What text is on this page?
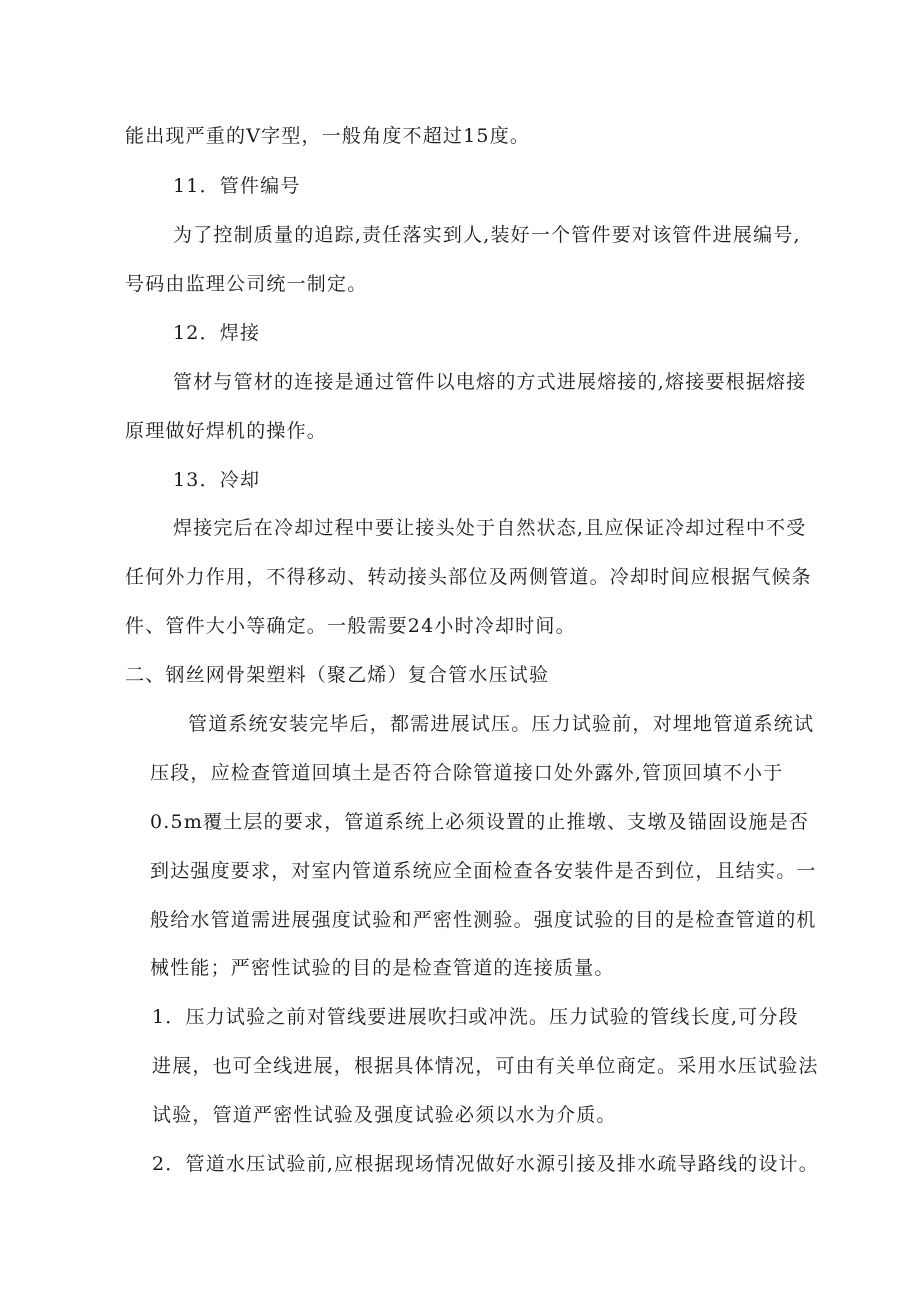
能出现严重的V字型，一般角度不超过15度。
11．管件编号
为了控制质量的追踪,责任落实到人,装好一个管件要对该管件进展编号,
号码由监理公司统一制定。
12．焊接
管材与管材的连接是通过管件以电熔的方式进展熔接的,熔接要根据熔接
原理做好焊机的操作。
13．冷却
焊接完后在冷却过程中要让接头处于自然状态,且应保证冷却过程中不受
任何外力作用，不得移动、转动接头部位及两侧管道。冷却时间应根据气候条
件、管件大小等确定。一般需要24小时冷却时间。
二、钢丝网骨架塑料（聚乙烯）复合管水压试验
管道系统安装完毕后，都需进展试压。压力试验前，对埋地管道系统试
压段，应检查管道回填土是否符合除管道接口处外露外,管顶回填不小于
0.5m覆土层的要求，管道系统上必须设置的止推墩、支墩及锚固设施是否
到达强度要求，对室内管道系统应全面检查各安装件是否到位，且结实。一
般给水管道需进展强度试验和严密性测验。强度试验的目的是检查管道的机
械性能；严密性试验的目的是检查管道的连接质量。
1．压力试验之前对管线要进展吹扫或冲洗。压力试验的管线长度,可分段
进展，也可全线进展，根据具体情况，可由有关单位商定。采用水压试验法
试验，管道严密性试验及强度试验必须以水为介质。
2．管道水压试验前,应根据现场情况做好水源引接及排水疏导路线的设计。
